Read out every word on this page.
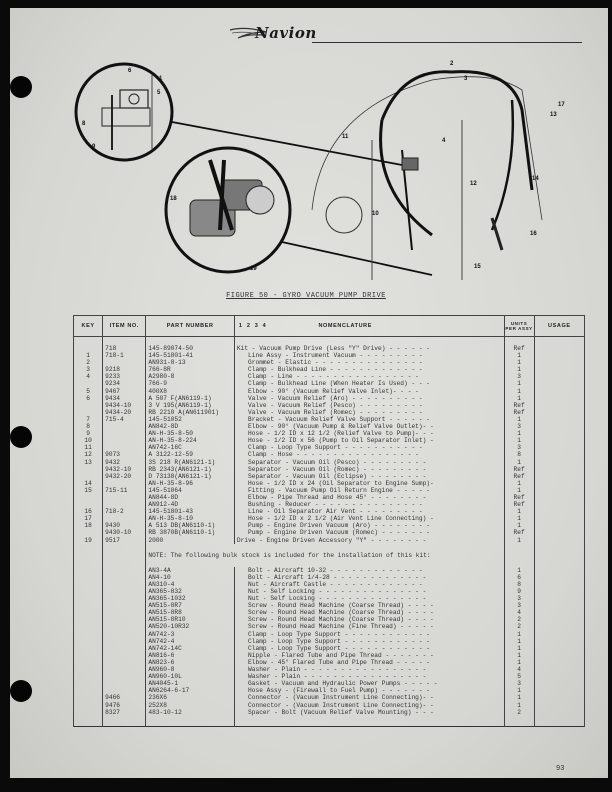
Navion
1
2
3
4
5
6
7
8
9
10
11
12
13
14
15
16
17
18
19
FIGURE 50 - GYRO VACUUM PUMP DRIVE
KEY	ITEM NO.	PART NUMBER	1  2  3  4 NOMENCLATURE	UNITS PER ASSY	USAGE
	718	145-89074-50	Kit - Vacuum Pump Drive (Less "Y" Drive) - - - - - -	Ref	
1	718-1	145-51801-41	Line Assy - Instrument Vacuum - - - - - - - - -	1	
2		AN931-8-13	Grommet - Elastic - - - - - - - - - - - - - - -	1	
3	9218	766-8R	Clamp - Bulkhead Line - - - - - - - - - - - - -	1	
4	9233	A2980-8	Clamp - Line - - - - - - - - - - - - - - - - -	3	
	9234	766-9	Clamp - Bulkhead Line (When Heater Is Used) - - -	1	
5	9467	400X8	Elbow - 90° (Vacuum Relief Valve Inlet)- - - -	1	
6	9434	A 507 F(AN6119-1)	Valve - Vacuum Relief (Aro) - - - - - - - - - -	1	
	9434-10	3 V 195(AN6119-1)	Valve - Vacuum Relief (Pesco) - - - - - - - - -	Ref	
	9434-20	RB 2210 A(AN611901)	Valve - Vacuum Relief (Romec) - - - - - - - - -	Ref	
7	715-4	145-51052	Bracket - Vacuum Relief Valve Support - - - - - -	1	
8		AN842-8D	Elbow - 90° (Vacuum Pump & Relief Valve Outlet)- -	3	
9		AN-H-35-8-50	Hose - 1/2 ID x 12 1/2 (Relief Valve to Pump)- - -	1	
10		AN-H-35-8-224	Hose - 1/2 ID x 56 (Pump to Oil Separator Inlet) -	1	
11		AN742-16C	Clamp - Loop Type Support - - - - - - - - - - -	3	
12	9073	A 3122-12-59	Clamp - Hose - - - - - - - - - - - - - - - - -	8	
13	9432	3S 218 R(AN6121-1)	Separator - Vacuum Oil (Pesco) - - - - - - - - -	1	
	9432-10	RB 2343(AN6121-1)	Separator - Vacuum Oil (Romec) - - - - - - - - -	Ref	
	9432-20	D 73138(AN6121-1)	Separator - Vacuum Oil (Eclipse) - - - - - - - -	Ref	
14		AN-H-35-8-96	Hose - 1/2 ID x 24 (Oil Separator to Engine Sump)-	1	
15	715-11	145-51064	Fitting - Vacuum Pump Oil Return Engine - - - - -	1	
		AN844-8D	Elbow - Pipe Thread and Hose 45° - - - - - - - -	Ref	
		AN912-4D	Bushing - Reducer - - - - - - - - - - - - - - -	Ref	
16	718-2	145-51801-43	Line - Oil Separator Air Vent - - - - - - - - -	1	
17		AN-H-35-8-10	Hose - 1/2 ID x 2 1/2 (Air Vent Line Connecting) -	1	
18	9430	A 513 DB(AN6110-1)	Pump - Engine Driven Vacuum (Aro) - - - - - - - -	1	
	9430-10	RB 3870B(AN6110-1)	Pump - Engine Driven Vacuum (Romec) - - - - - - -	Ref	
19	9517	2000	Drive - Engine Driven Accessory "Y" - - - - - - - -	1	
		NOTE: The following bulk stock is included for the installation of this kit:			
		AN3-4A	Bolt - Aircraft 10-32 - - - - - - - - - - - - -	1	
		AN4-10	Bolt - Aircraft 1/4-28 - - - - - - - - - - - - -	6	
		AN310-4	Nut - Aircraft Castle - - - - - - - - - - - - -	8	
		AN365-832	Nut - Self Locking - - - - - - - - - - - - - - -	9	
		AN365-1032	Nut - Self Locking - - - - - - - - - - - - - - -	3	
		AN515-8R7	Screw - Round Head Machine (Coarse Thread) - - - -	3	
		AN515-8R8	Screw - Round Head Machine (Coarse Thread) - - - -	4	
		AN515-8R10	Screw - Round Head Machine (Coarse Thread) - - - -	2	
		AN520-10R32	Screw - Round Head Machine (Fine Thread) - - - - -	2	
		AN742-3	Clamp - Loop Type Support - - - - - - - - - - - -	1	
		AN742-4	Clamp - Loop Type Support - - - - - - - - - - - -	1	
		AN742-14C	Clamp - Loop Type Support - - - - - - - - - - - -	1	
		AN816-6	Nipple - Flared Tube and Pipe Thread - - - - - - -	1	
		AN823-6	Elbow - 45° Flared Tube and Pipe Thread - - - - -	1	
		AN960-8	Washer - Plain - - - - - - - - - - - - - - - - -	4	
		AN960-10L	Washer - Plain - - - - - - - - - - - - - - - - -	5	
		AN4045-1	Gasket - Vacuum and Hydraulic Power Pumps - - - - -	3	
		AN6264-6-17	Hose Assy - (Firewall to Fuel Pump) - - - - - - -	1	
	9466	236X6	Connector - (Vacuum Instrument Line Connecting)- -	1	
	9476	252X8	Connector - (Vacuum Instrument Line Connecting)- -	1	
	8327	483-10-12	Spacer - Bolt (Vacuum Relief Valve Mounting) - - -	2	
93
